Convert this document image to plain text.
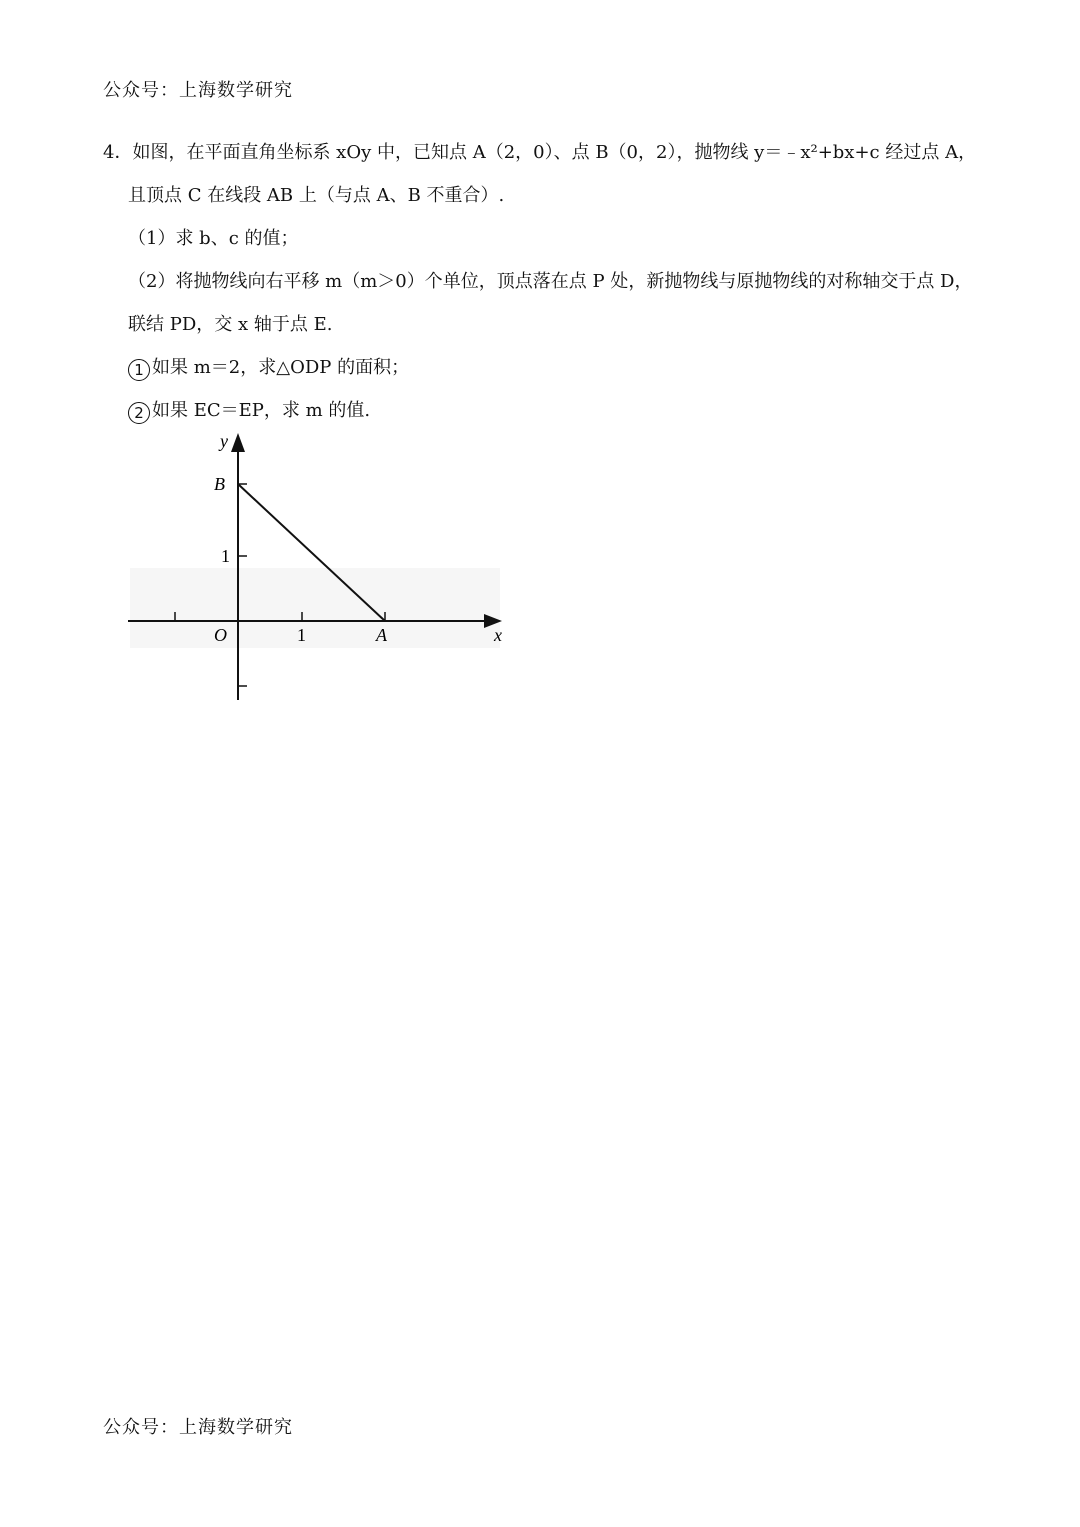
公众号：上海数学研究
4．如图，在平面直角坐标系 xOy 中，已知点 A（2，0）、点 B（0，2），抛物线 y＝﹣x²+bx+c 经过点 A，
且顶点 C 在线段 AB 上（与点 A、B 不重合）.
（1）求 b、c 的值；
（2）将抛物线向右平移 m（m＞0）个单位，顶点落在点 P 处，新抛物线与原抛物线的对称轴交于点 D，
联结 PD，交 x 轴于点 E.
1 如果 m＝2，求△ODP 的面积；
2 如果 EC＝EP，求 m 的值.
y
x
B
A
O	1
1
公众号：上海数学研究
